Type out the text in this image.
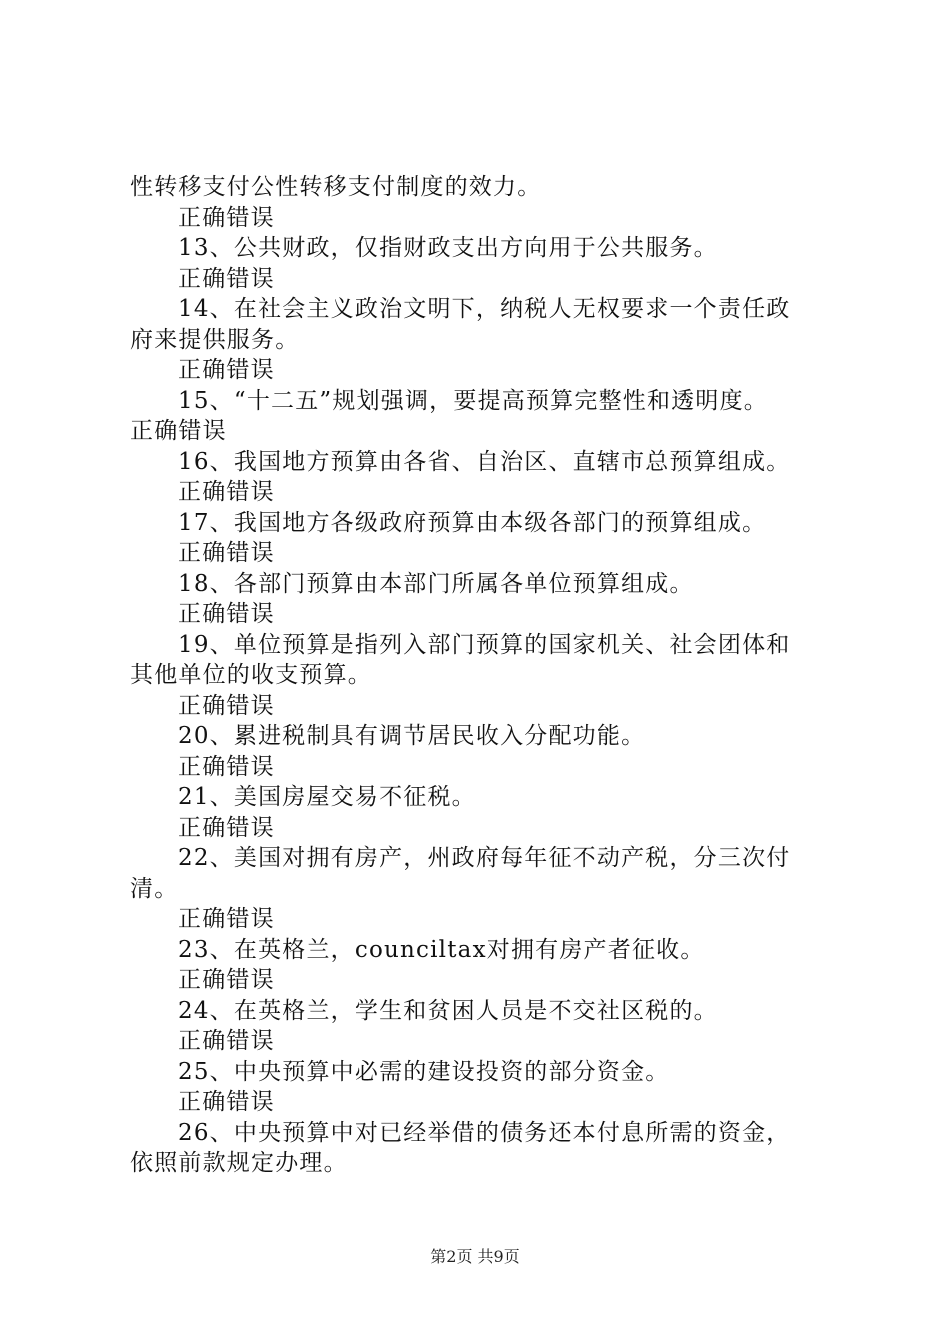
性转移支付公性转移支付制度的效力。
正确错误
13、公共财政，仅指财政支出方向用于公共服务。
正确错误
14、在社会主义政治文明下，纳税人无权要求一个责任政
府来提供服务。
正确错误
15、“十二五”规划强调，要提高预算完整性和透明度。
正确错误
16、我国地方预算由各省、自治区、直辖市总预算组成。
正确错误
17、我国地方各级政府预算由本级各部门的预算组成。
正确错误
18、各部门预算由本部门所属各单位预算组成。
正确错误
19、单位预算是指列入部门预算的国家机关、社会团体和
其他单位的收支预算。
正确错误
20、累进税制具有调节居民收入分配功能。
正确错误
21、美国房屋交易不征税。
正确错误
22、美国对拥有房产，州政府每年征不动产税，分三次付
清。
正确错误
23、在英格兰，counciltax对拥有房产者征收。
正确错误
24、在英格兰，学生和贫困人员是不交社区税的。
正确错误
25、中央预算中必需的建设投资的部分资金。
正确错误
26、中央预算中对已经举借的债务还本付息所需的资金，
依照前款规定办理。
第2页 共9页
